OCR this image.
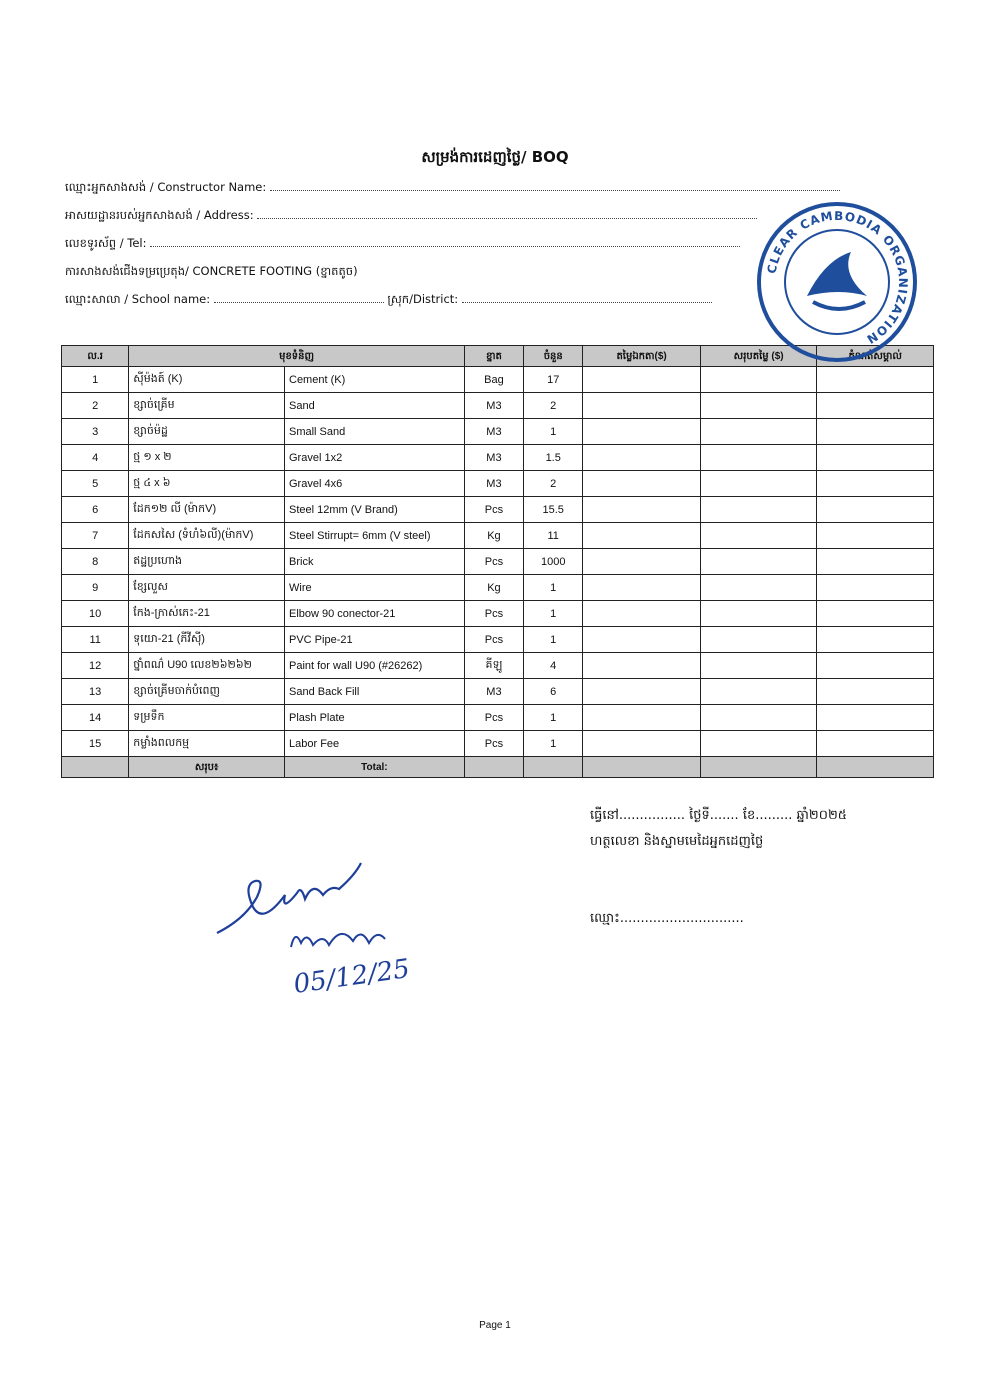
សម្រង់ការដេញថ្លៃ/ BOQ
ឈ្មោះអ្នកសាងសង់ / Constructor Name:
អាសយដ្ឋានរបស់អ្នកសាងសង់ / Address:
លេខទូរស័ព្ទ / Tel:
ការសាងសង់ជើងទម្រប្រេតុង/ CONCRETE FOOTING (ខ្នាតតូច)
ឈ្មោះសាលា / School name:	ស្រុក/District:
ល.រ	មុខទំនិញ		ខ្នាត	ចំនួន	តម្លៃឯកតា($)	សរុបតម្លៃ ($)	កំណត់សម្គាល់
1	ស៊ីម៉ងត៍ (K)	Cement (K)	Bag	17			
2	ខ្សាច់គ្រើម	Sand	M3	2			
3	ខ្សាច់ម៉ដ្ឋ	Small Sand	M3	1			
4	ថ្ម ១ x ២	Gravel 1x2	M3	1.5			
5	ថ្ម ៤ x ៦	Gravel 4x6	M3	2			
6	ដែក១២ លី (ម៉ាកV)	Steel 12mm (V Brand)	Pcs	15.5			
7	ដែកសសៃ (ទំហំ៦លី)(ម៉ាកV)	Steel Stirrupt= 6mm (V steel)	Kg	11			
8	ឥដ្ឋប្រហោង	Brick	Pcs	1000			
9	ខ្សែលួស	Wire	Kg	1			
10	កែង-ក្រាស់ភេះ-21	Elbow 90 conector-21	Pcs	1			
11	ទុយោ-21 (ភីវីស៊ី)	PVC Pipe-21	Pcs	1			
12	ថ្នាំពណ៌ U90 លេខ២៦២៦២	Paint for wall U90 (#26262)	គីឡូ	4			
13	ខ្សាច់គ្រើមចាក់បំពេញ	Sand Back Fill	M3	6			
14	ទម្រទឹក	Plash Plate	Pcs	1			
15	កម្លាំងពលកម្ម	Labor Fee	Pcs	1			
	សរុប៖	Total:					
CLEAR CAMBODIA ORGANIZATION
05/12/25
ធ្វើនៅ................ ថ្ងៃទី....... ខែ......... ឆ្នាំ២០២៥
ហត្ថលេខា និងស្នាមមេដៃអ្នកដេញថ្លៃ
ឈ្មោះ..............................
Page 1
